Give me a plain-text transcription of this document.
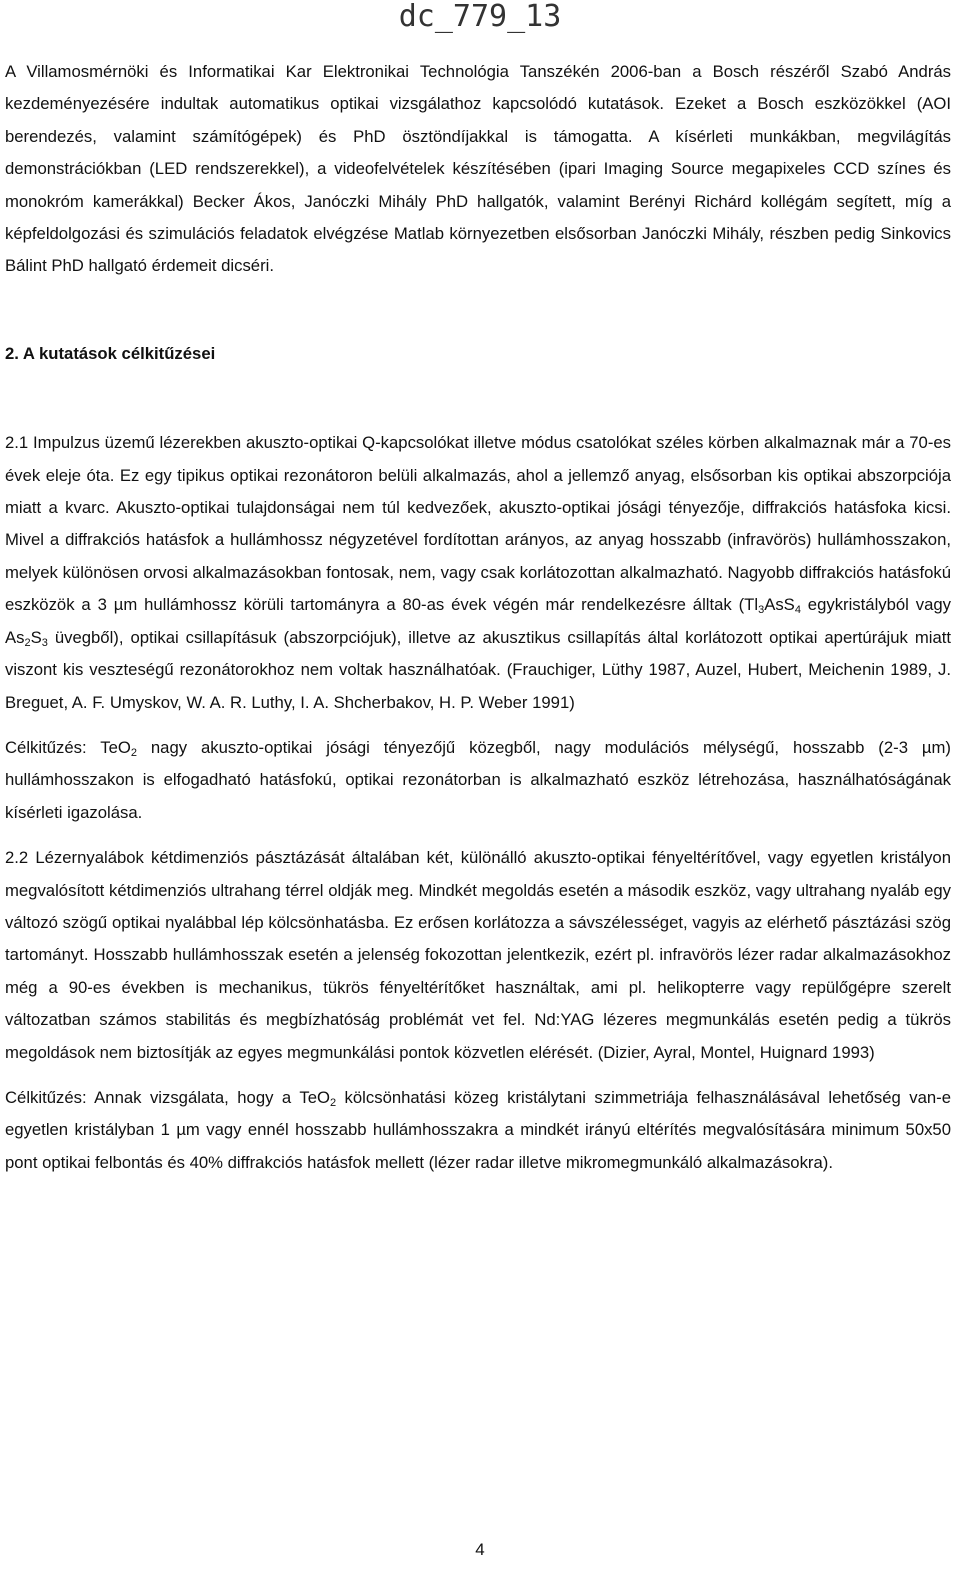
dc_779_13

A Villamosmérnöki és Informatikai Kar Elektronikai Technológia Tanszékén 2006-ban a Bosch részéről Szabó András kezdeményezésére indultak automatikus optikai vizsgálathoz kapcsolódó kutatások. Ezeket a Bosch eszközökkel (AOI berendezés, valamint számítógépek) és PhD ösztöndíjakkal is támogatta. A kísérleti munkákban, megvilágítás demonstrációkban (LED rendszerekkel), a videofelvételek készítésében (ipari Imaging Source megapixeles CCD színes és monokróm kamerákkal) Becker Ákos, Janóczki Mihály PhD hallgatók, valamint Berényi Richárd kollégám segített, míg a képfeldolgozási és szimulációs feladatok elvégzése Matlab környezetben elsősorban Janóczki Mihály, részben pedig Sinkovics Bálint PhD hallgató érdemeit dicséri.

2. A kutatások célkitűzései

2.1 Impulzus üzemű lézerekben akuszto-optikai Q-kapcsolókat illetve módus csatolókat széles körben alkalmaznak már a 70-es évek eleje óta. Ez egy tipikus optikai rezonátoron belüli alkalmazás, ahol a jellemző anyag, elsősorban kis optikai abszorpciója miatt a kvarc. Akuszto-optikai tulajdonságai nem túl kedvezőek, akuszto-optikai jósági tényezője, diffrakciós hatásfoka kicsi. Mivel a diffrakciós hatásfok a hullámhossz négyzetével fordítottan arányos, az anyag hosszabb (infravörös) hullámhosszakon, melyek különösen orvosi alkalmazásokban fontosak, nem, vagy csak korlátozottan alkalmazható. Nagyobb diffrakciós hatásfokú eszközök a 3 µm hullámhossz körüli tartományra a 80-as évek végén már rendelkezésre álltak ($Tl_3AsS_4$ egykristályból vagy $As_2S_3$ üvegből), optikai csillapításuk (abszorpciójuk), illetve az akusztikus csillapítás által korlátozott optikai apertúrájuk miatt viszont kis veszteségű rezonátorokhoz nem voltak használhatóak. (Frauchiger, Lüthy 1987, Auzel, Hubert, Meichenin 1989, J. Breguet, A. F. Umyskov, W. A. R. Luthy, I. A. Shcherbakov, H. P. Weber 1991)

Célkitűzés: TeO$_2$ nagy akuszto-optikai jósági tényezőjű közegből, nagy modulációs mélységű, hosszabb (2-3 µm) hullámhosszakon is elfogadható hatásfokú, optikai rezonátorban is alkalmazható eszköz létrehozása, használhatóságának kísérleti igazolása.

2.2 Lézernyalábok kétdimenziós pásztázását általában két, különálló akuszto-optikai fényeltérítővel, vagy egyetlen kristályon megvalósított kétdimenziós ultrahang térrel oldják meg. Mindkét megoldás esetén a második eszköz, vagy ultrahang nyaláb egy változó szögű optikai nyalábbal lép kölcsönhatásba. Ez erősen korlátozza a sávszélességet, vagyis az elérhető pásztázási szög tartományt. Hosszabb hullámhosszak esetén a jelenség fokozottan jelentkezik, ezért pl. infravörös lézer radar alkalmazásokhoz még a 90-es években is mechanikus, tükrös fényeltérítőket használtak, ami pl. helikopterre vagy repülőgépre szerelt változatban számos stabilitás és megbízhatóság problémát vet fel. Nd:YAG lézeres megmunkálás esetén pedig a tükrös megoldások nem biztosítják az egyes megmunkálási pontok közvetlen elérését. (Dizier, Ayral, Montel, Huignard 1993)

Célkitűzés: Annak vizsgálata, hogy a TeO$_2$ kölcsönhatási közeg kristálytani szimmetriája felhasználásával lehetőség van-e egyetlen kristályban 1 µm vagy ennél hosszabb hullámhosszakra a mindkét irányú eltérítés megvalósítására minimum 50x50 pont optikai felbontás és 40% diffrakciós hatásfok mellett (lézer radar illetve mikromegmunkáló alkalmazásokra).

4
